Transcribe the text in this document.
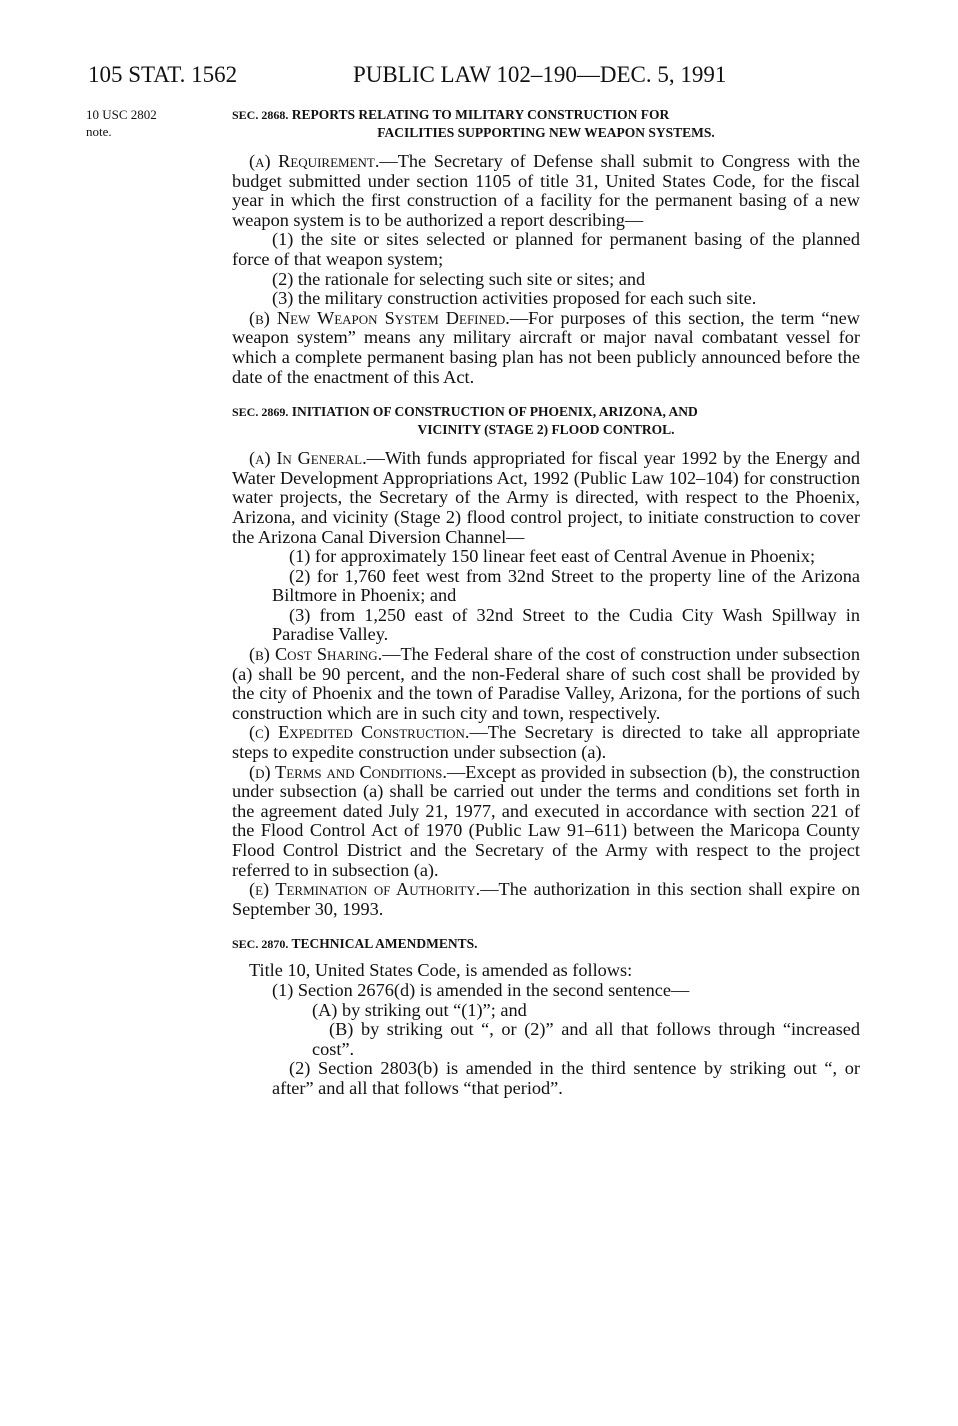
105 STAT. 1562	PUBLIC LAW 102–190—DEC. 5, 1991
10 USC 2802
note.
SEC. 2868. REPORTS RELATING TO MILITARY CONSTRUCTION FOR
FACILITIES SUPPORTING NEW WEAPON SYSTEMS.

(a) Requirement.—The Secretary of Defense shall submit to Congress with the budget submitted under section 1105 of title 31, United States Code, for the fiscal year in which the first construction of a facility for the permanent basing of a new weapon system is to be authorized a report describing—

(1) the site or sites selected or planned for permanent basing of the planned force of that weapon system;

(2) the rationale for selecting such site or sites; and

(3) the military construction activities proposed for each such site.

(b) New Weapon System Defined.—For purposes of this section, the term “new weapon system” means any military aircraft or major naval combatant vessel for which a complete permanent basing plan has not been publicly announced before the date of the enactment of this Act.

SEC. 2869. INITIATION OF CONSTRUCTION OF PHOENIX, ARIZONA, AND
VICINITY (STAGE 2) FLOOD CONTROL.

(a) In General.—With funds appropriated for fiscal year 1992 by the Energy and Water Development Appropriations Act, 1992 (Public Law 102–104) for construction water projects, the Secretary of the Army is directed, with respect to the Phoenix, Arizona, and vicinity (Stage 2) flood control project, to initiate construction to cover the Arizona Canal Diversion Channel—

(1) for approximately 150 linear feet east of Central Avenue in Phoenix;

(2) for 1,760 feet west from 32nd Street to the property line of the Arizona Biltmore in Phoenix; and

(3) from 1,250 east of 32nd Street to the Cudia City Wash Spillway in Paradise Valley.

(b) Cost Sharing.—The Federal share of the cost of construction under subsection (a) shall be 90 percent, and the non-Federal share of such cost shall be provided by the city of Phoenix and the town of Paradise Valley, Arizona, for the portions of such construction which are in such city and town, respectively.

(c) Expedited Construction.—The Secretary is directed to take all appropriate steps to expedite construction under subsection (a).

(d) Terms and Conditions.—Except as provided in subsection (b), the construction under subsection (a) shall be carried out under the terms and conditions set forth in the agreement dated July 21, 1977, and executed in accordance with section 221 of the Flood Control Act of 1970 (Public Law 91–611) between the Maricopa County Flood Control District and the Secretary of the Army with respect to the project referred to in subsection (a).

(e) Termination of Authority.—The authorization in this section shall expire on September 30, 1993.

SEC. 2870. TECHNICAL AMENDMENTS.

Title 10, United States Code, is amended as follows:

(1) Section 2676(d) is amended in the second sentence—

(A) by striking out “(1)”; and

(B) by striking out “, or (2)” and all that follows through “increased cost”.

(2) Section 2803(b) is amended in the third sentence by striking out “, or after” and all that follows “that period”.
